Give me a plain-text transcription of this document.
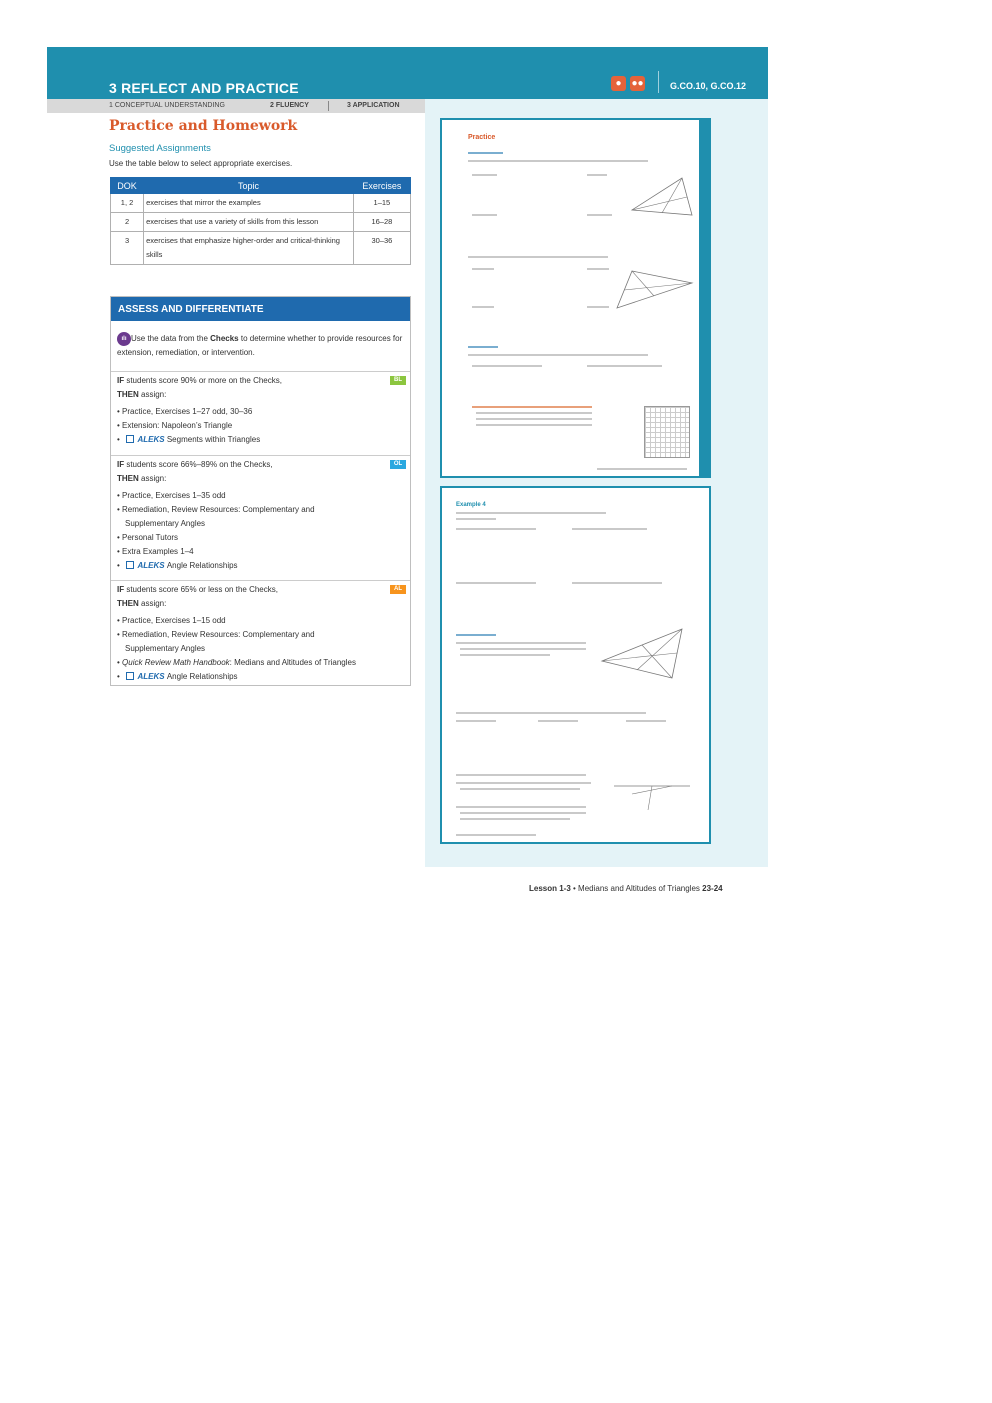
3 REFLECT AND PRACTICE	● ●●	G.CO.10, G.CO.12
1 CONCEPTUAL UNDERSTANDING	2 FLUENCY	3 APPLICATION
Practice and Homework
Suggested Assignments
Use the table below to select appropriate exercises.
DOK	Topic	Exercises
1, 2	exercises that mirror the examples	1–15
2	exercises that use a variety of skills from this lesson	16–28
3	exercises that emphasize higher-order and critical-thinking skills	30–36
ASSESS AND DIFFERENTIATE
ılı Use the data from the Checks to determine whether to provide resources for extension, remediation, or intervention.
BL
IF students score 90% or more on the Checks,
THEN assign:
• Practice, Exercises 1–27 odd, 30–36
• Extension: Napoleon’s Triangle
• ALEKS Segments within Triangles
OL
IF students score 66%–89% on the Checks,
THEN assign:
• Practice, Exercises 1–35 odd
• Remediation, Review Resources: Complementary and
Supplementary Angles
• Personal Tutors
• Extra Examples 1–4
• ALEKS Angle Relationships
AL
IF students score 65% or less on the Checks,
THEN assign:
• Practice, Exercises 1–15 odd
• Remediation, Review Resources: Complementary and
Supplementary Angles
• Quick Review Math Handbook: Medians and Altitudes of Triangles
• ALEKS Angle Relationships
Practice
Example 4
Lesson 1-3 • Medians and Altitudes of Triangles 23-24
